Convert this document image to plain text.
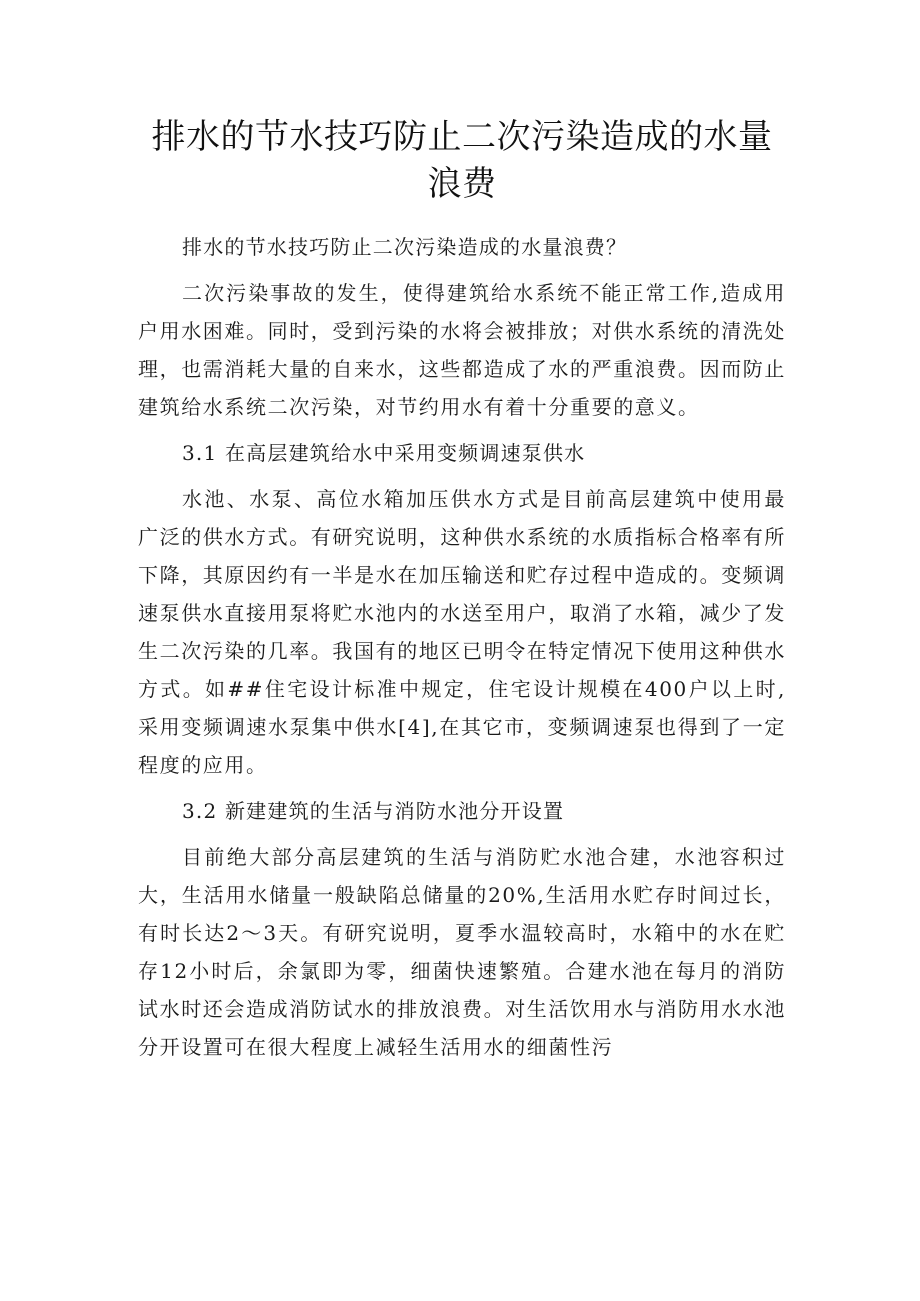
排水的节水技巧防止二次污染造成的水量
浪费

排水的节水技巧防止二次污染造成的水量浪费？

二次污染事故的发生，使得建筑给水系统不能正常工作,造成用户用水困难。同时，受到污染的水将会被排放；对供水系统的清洗处理，也需消耗大量的自来水，这些都造成了水的严重浪费。因而防止建筑给水系统二次污染，对节约用水有着十分重要的意义。

3.1 在高层建筑给水中采用变频调速泵供水

水池、水泵、高位水箱加压供水方式是目前高层建筑中使用最广泛的供水方式。有研究说明，这种供水系统的水质指标合格率有所下降，其原因约有一半是水在加压输送和贮存过程中造成的。变频调速泵供水直接用泵将贮水池内的水送至用户，取消了水箱，减少了发生二次污染的几率。我国有的地区已明令在特定情况下使用这种供水方式。如##住宅设计标准中规定，住宅设计规模在400户以上时,采用变频调速水泵集中供水[4],在其它市，变频调速泵也得到了一定程度的应用。

3.2 新建建筑的生活与消防水池分开设置

目前绝大部分高层建筑的生活与消防贮水池合建，水池容积过大，生活用水储量一般缺陷总储量的20%,生活用水贮存时间过长，有时长达2～3天。有研究说明，夏季水温较高时，水箱中的水在贮存12小时后，余氯即为零，细菌快速繁殖。合建水池在每月的消防试水时还会造成消防试水的排放浪费。对生活饮用水与消防用水水池分开设置可在很大程度上减轻生活用水的细菌性污
